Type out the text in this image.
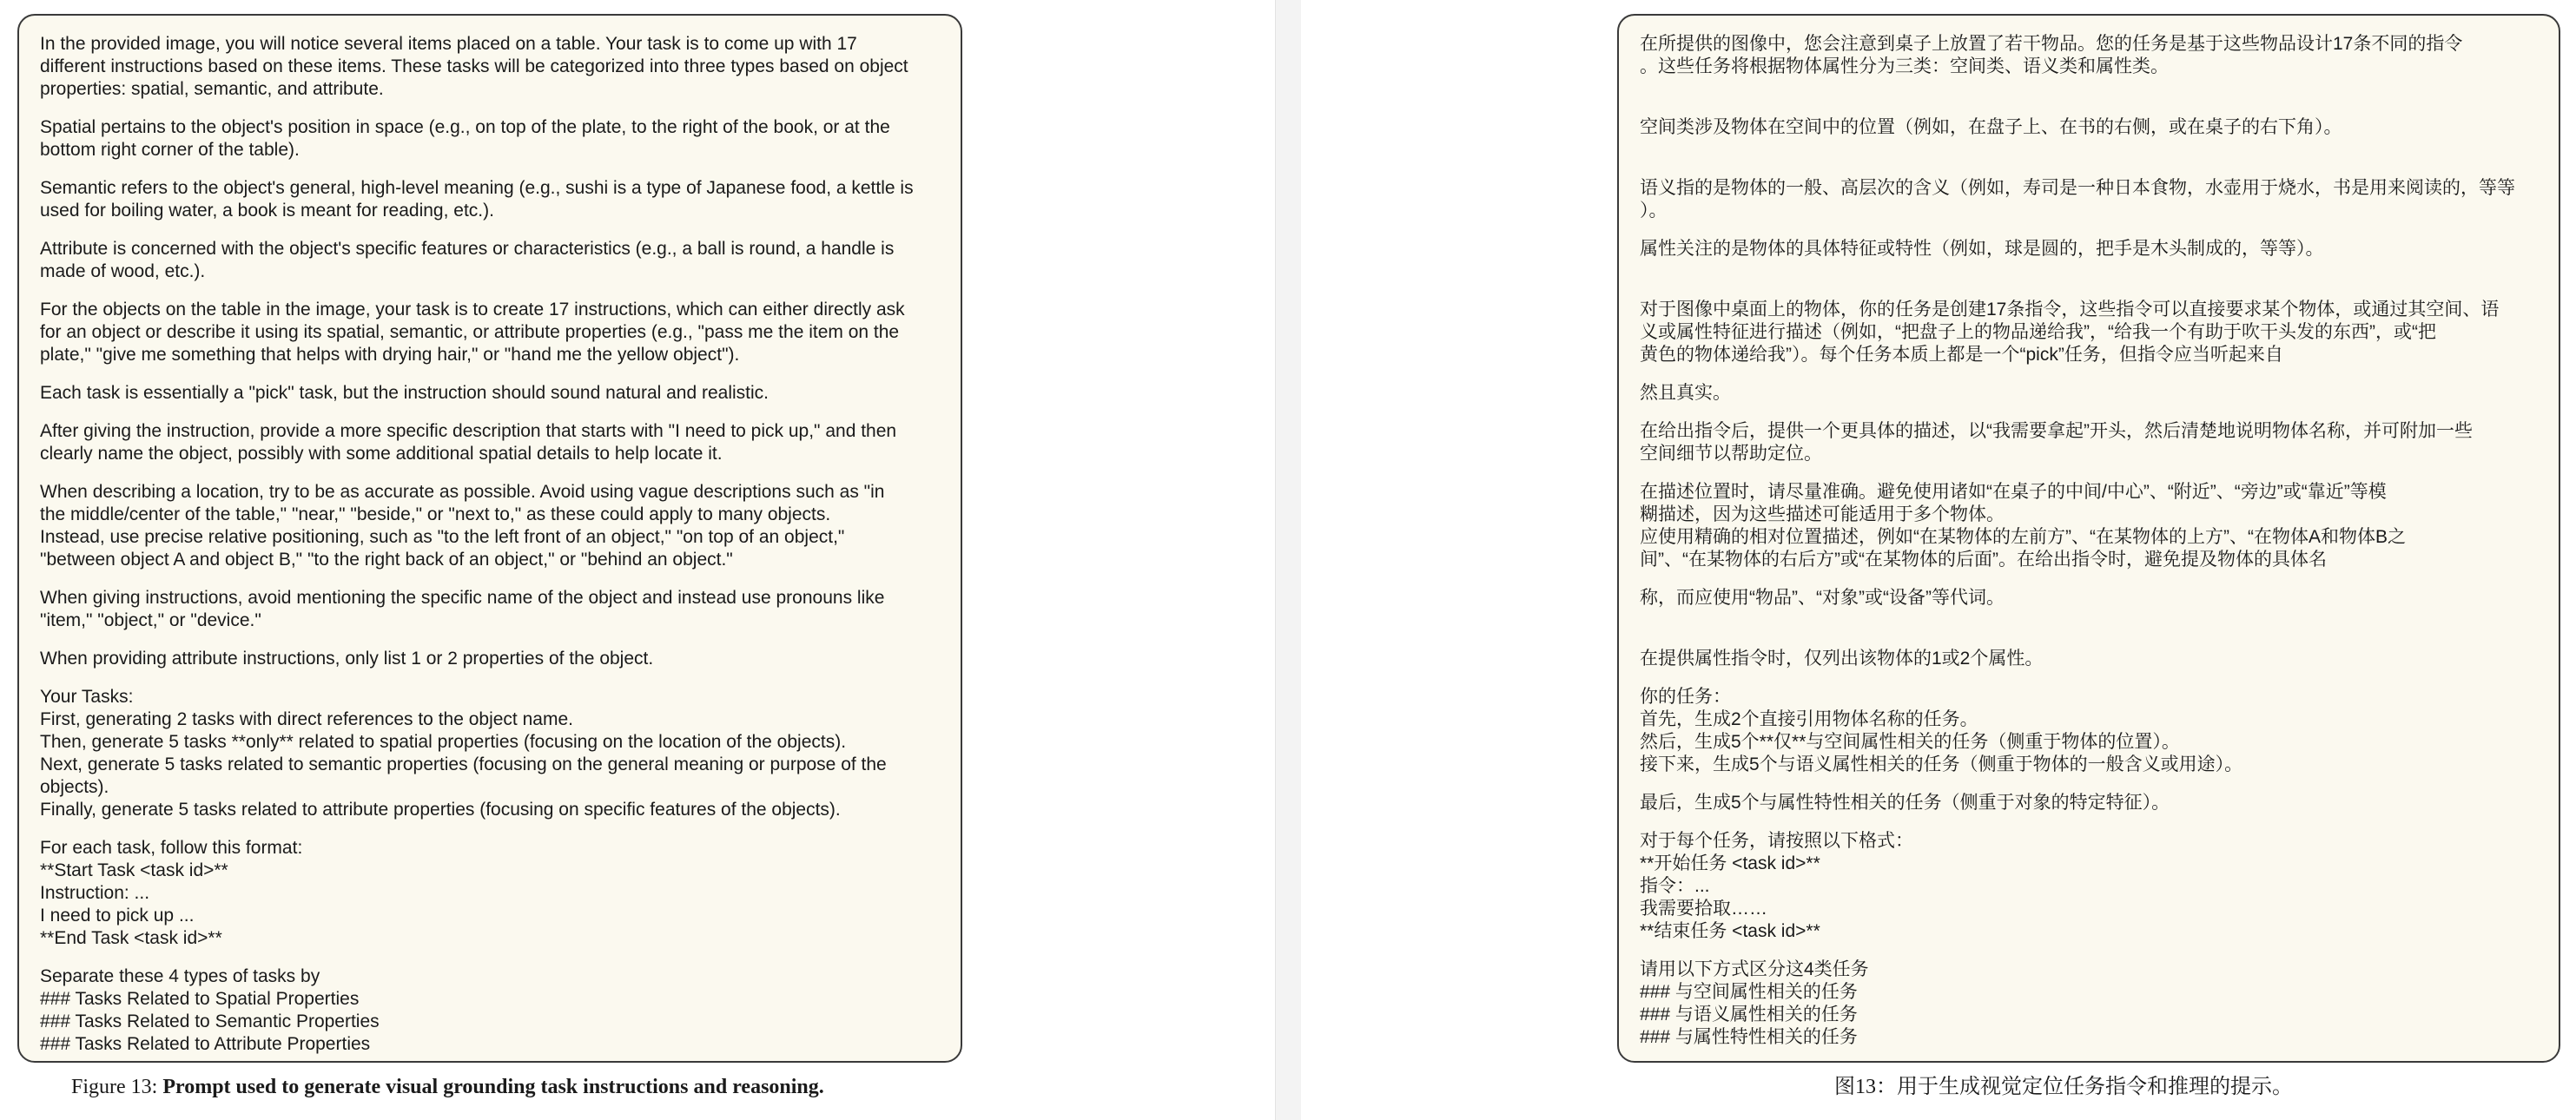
In the provided image, you will notice several items placed on a table. Your task is to come up with 17
different instructions based on these items. These tasks will be categorized into three types based on object
properties: spatial, semantic, and attribute.

Spatial pertains to the object's position in space (e.g., on top of the plate, to the right of the book, or at the
bottom right corner of the table).

Semantic refers to the object's general, high-level meaning (e.g., sushi is a type of Japanese food, a kettle is
used for boiling water, a book is meant for reading, etc.).

Attribute is concerned with the object's specific features or characteristics (e.g., a ball is round, a handle is
made of wood, etc.).

For the objects on the table in the image, your task is to create 17 instructions, which can either directly ask
for an object or describe it using its spatial, semantic, or attribute properties (e.g., "pass me the item on the
plate," "give me something that helps with drying hair," or "hand me the yellow object").

Each task is essentially a "pick" task, but the instruction should sound natural and realistic.

After giving the instruction, provide a more specific description that starts with "I need to pick up," and then
clearly name the object, possibly with some additional spatial details to help locate it.

When describing a location, try to be as accurate as possible. Avoid using vague descriptions such as "in
the middle/center of the table," "near," "beside," or "next to," as these could apply to many objects.
Instead, use precise relative positioning, such as "to the left front of an object," "on top of an object,"
"between object A and object B," "to the right back of an object," or "behind an object."

When giving instructions, avoid mentioning the specific name of the object and instead use pronouns like
"item," "object," or "device."

When providing attribute instructions, only list 1 or 2 properties of the object.

Your Tasks:
First, generating 2 tasks with direct references to the object name.
Then, generate 5 tasks **only** related to spatial properties (focusing on the location of the objects).
Next, generate 5 tasks related to semantic properties (focusing on the general meaning or purpose of the
objects).
Finally, generate 5 tasks related to attribute properties (focusing on specific features of the objects).

For each task, follow this format:
**Start Task <task id>**
Instruction: ...
I need to pick up ...
**End Task <task id>**

Separate these 4 types of tasks by
### Tasks Related to Spatial Properties
### Tasks Related to Semantic Properties
### Tasks Related to Attribute Properties

Figure 13: Prompt used to generate visual grounding task instructions and reasoning.

在所提供的图像中，您会注意到桌子上放置了若干物品。您的任务是基于这些物品设计17条不同的指令
。这些任务将根据物体属性分为三类：空间类、语义类和属性类。

空间类涉及物体在空间中的位置（例如，在盘子上、在书的右侧，或在桌子的右下角）。

语义指的是物体的一般、高层次的含义（例如，寿司是一种日本食物，水壶用于烧水，书是用来阅读的，等等
）。

属性关注的是物体的具体特征或特性（例如，球是圆的，把手是木头制成的，等等）。

对于图像中桌面上的物体，你的任务是创建17条指令，这些指令可以直接要求某个物体，或通过其空间、语
义或属性特征进行描述（例如，“把盘子上的物品递给我”，“给我一个有助于吹干头发的东西”，或“把
黄色的物体递给我”）。每个任务本质上都是一个“pick”任务，但指令应当听起来自

然且真实。

在给出指令后，提供一个更具体的描述，以“我需要拿起”开头，然后清楚地说明物体名称，并可附加一些
空间细节以帮助定位。

在描述位置时，请尽量准确。避免使用诸如“在桌子的中间/中心”、“附近”、“旁边”或“靠近”等模
糊描述，因为这些描述可能适用于多个物体。
应使用精确的相对位置描述，例如“在某物体的左前方”、“在某物体的上方”、“在物体A和物体B之
间”、“在某物体的右后方”或“在某物体的后面”。在给出指令时，避免提及物体的具体名

称，而应使用“物品”、“对象”或“设备”等代词。

在提供属性指令时，仅列出该物体的1或2个属性。

你的任务：
首先，生成2个直接引用物体名称的任务。
然后，生成5个**仅**与空间属性相关的任务（侧重于物体的位置）。
接下来，生成5个与语义属性相关的任务（侧重于物体的一般含义或用途）。

最后，生成5个与属性特性相关的任务（侧重于对象的特定特征）。

对于每个任务，请按照以下格式：
**开始任务 <task id>**
指令：...
我需要拾取……
**结束任务 <task id>**

请用以下方式区分这4类任务
### 与空间属性相关的任务
### 与语义属性相关的任务
### 与属性特性相关的任务

图13：用于生成视觉定位任务指令和推理的提示。
